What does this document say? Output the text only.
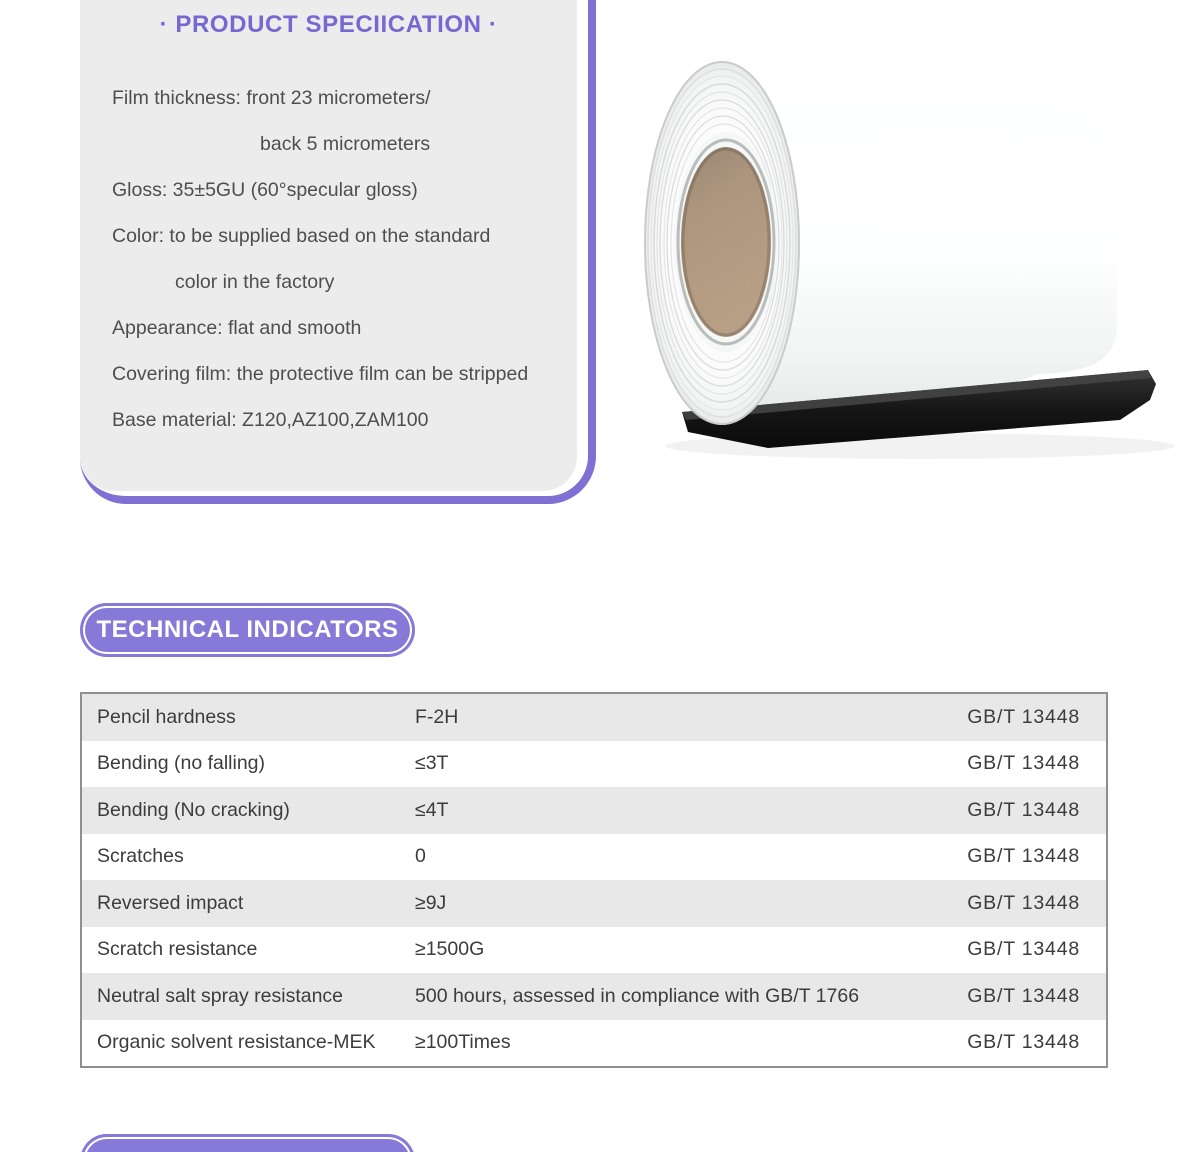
· PRODUCT SPECIICATION ·
Film thickness: front 23 micrometers/
back 5 micrometers
Gloss: 35±5GU (60°specular gloss)
Color: to be supplied based on the standard
color in the factory
Appearance: flat and smooth
Covering film: the protective film can be stripped
Base material: Z120,AZ100,ZAM100
TECHNICAL INDICATORS
Pencil hardness	F-2H	GB/T 13448
Bending (no falling)	≤3T	GB/T 13448
Bending (No cracking)	≤4T	GB/T 13448
Scratches	0	GB/T 13448
Reversed impact	≥9J	GB/T 13448
Scratch resistance	≥1500G	GB/T 13448
Neutral salt spray resistance	500 hours, assessed in compliance with GB/T 1766	GB/T 13448
Organic solvent resistance-MEK	≥100Times	GB/T 13448
